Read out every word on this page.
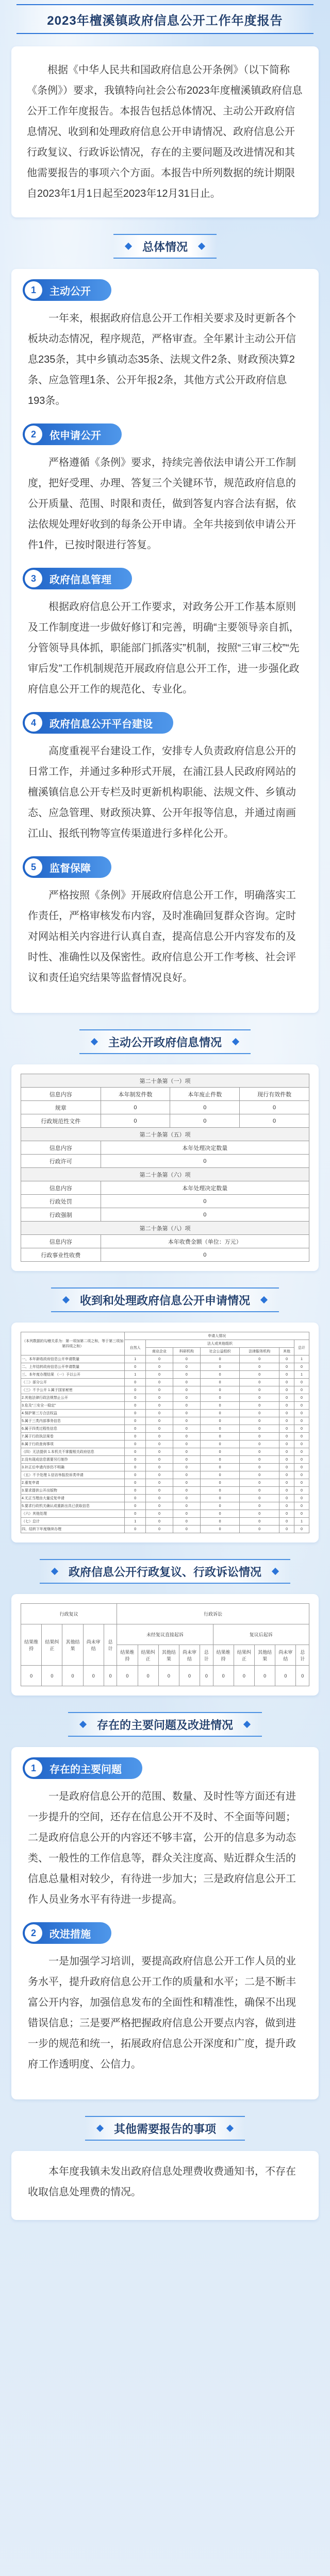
2023年檀溪镇政府信息公开工作年度报告
根据《中华人民共和国政府信息公开条例》（以下简称《条例》）要求，我镇特向社会公布2023年度檀溪镇政府信息公开工作年度报告。本报告包括总体情况、主动公开政府信息情况、收到和处理政府信息公开申请情况、政府信息公开行政复议、行政诉讼情况，存在的主要问题及改进情况和其他需要报告的事项六个方面。本报告中所列数据的统计期限自2023年1月1日起至2023年12月31日止。
总体情况
1	主动公开
一年来，根据政府信息公开工作相关要求及时更新各个板块动态情况，程序规范，严格审查。全年累计主动公开信息235条，其中乡镇动态35条、法规文件2条、财政预决算2条、应急管理1条、公开年报2条，其他方式公开政府信息193条。
2	依申请公开
严格遵循《条例》要求，持续完善依法申请公开工作制度，把好受理、办理、答复三个关键环节，规范政府信息的公开质量、范围、时限和责任，做到答复内容合法有据，依法依规处理好收到的每条公开申请。全年共接到依申请公开件1件，已按时限进行答复。
3	政府信息管理
根据政府信息公开工作要求，对政务公开工作基本原则及工作制度进一步做好修订和完善，明确“主要领导亲自抓，分管领导具体抓，职能部门抓落实”机制，按照“三审三校”“先审后发”工作机制规范开展政府信息公开工作，进一步强化政府信息公开工作的规范化、专业化。
4	政府信息公开平台建设
高度重视平台建设工作，安排专人负责政府信息公开的日常工作，并通过多种形式开展，在浦江县人民政府网站的檀溪镇信息公开专栏及时更新机构职能、法规文件、乡镇动态、应急管理、财政预决算、公开年报等信息，并通过南画江山、报纸刊物等宣传渠道进行多样化公开。
5	监督保障
严格按照《条例》开展政府信息公开工作，明确落实工作责任，严格审核发布内容，及时准确回复群众咨询。定时对网站相关内容进行认真自查，提高信息公开内容发布的及时性、准确性以及保密性。政府信息公开工作考核、社会评议和责任追究结果等监督情况良好。
主动公开政府信息情况
第二十条第（一）项			
信息内容	本年制发件数	本年废止件数	现行有效件数
规章	0	0	0
行政规范性文件	0	0	0
第二十条第（五）项			
信息内容	本年处理决定数量		
行政许可	0		
第二十条第（六）项			
信息内容	本年处理决定数量		
行政处罚	0		
行政强制	0		
第二十条第（八）项			
信息内容	本年收费金额（单位：万元）		
行政事业性收费	0		
收到和处理政府信息公开申请情况
（本列数据的勾稽关系为：第一项加第二项之和，等于第三项加第四项之和）	申请人情况						
	自然人	法人或其他组织					总计
		商业企业	科研机构	社会公益组织	法律服务机构	其他	
一、本年新收政府信息公开申请数量	1	0	0	0	0	0	1
二、上年结转政府信息公开申请数量	0	0	0	0	0	0	0
三、本年度办理结果 （一）予以公开	1	0	0	0	0	0	1
（二）部分公开	0	0	0	0	0	0	0
（三）不予公开 1.属于国家秘密	0	0	0	0	0	0	0
2.其他法律行政法规禁止公开	0	0	0	0	0	0	0
3.危及“三安全一稳定”	0	0	0	0	0	0	0
4.保护第三方合法权益	0	0	0	0	0	0	0
5.属于三类内部事务信息	0	0	0	0	0	0	0
6.属于四类过程性信息	0	0	0	0	0	0	0
7.属于行政执法案卷	0	0	0	0	0	0	0
8.属于行政查询事项	0	0	0	0	0	0	0
（四）无法提供 1.本机关不掌握相关政府信息	0	0	0	0	0	0	0
2.没有现成信息需要另行制作	0	0	0	0	0	0	0
3.补正后申请内容仍不明确	0	0	0	0	0	0	0
（五）不予处理 1.信访举报投诉类申请	0	0	0	0	0	0	0
2.重复申请	0	0	0	0	0	0	0
3.要求提供公开出版物	0	0	0	0	0	0	0
4.无正当理由大量反复申请	0	0	0	0	0	0	0
5.要求行政机关确认或重新出具已获取信息	0	0	0	0	0	0	0
（六）其他处理	0	0	0	0	0	0	0
（七）总计	1	0	0	0	0	0	1
四、结转下年度继续办理	0	0	0	0	0	0	0
政府信息公开行政复议、行政诉讼情况
行政复议					行政诉讼									
结果维持	结果纠正	其他结果	尚未审结	总计	未经复议直接起诉					复议后起诉				
					结果维持	结果纠正	其他结果	尚未审结	总计	结果维持	结果纠正	其他结果	尚未审结	总计
0	0	0	0	0	0	0	0	0	0	0	0	0	0	0
存在的主要问题及改进情况
1	存在的主要问题
一是政府信息公开的范围、数量、及时性等方面还有进一步提升的空间，还存在信息公开不及时、不全面等问题；二是政府信息公开的内容还不够丰富，公开的信息多为动态类、一般性的工作信息等，群众关注度高、贴近群众生活的信息总量相对较少，有待进一步加大；三是政府信息公开工作人员业务水平有待进一步提高。
2	改进措施
一是加强学习培训，要提高政府信息公开工作人员的业务水平，提升政府信息公开工作的质量和水平；二是不断丰富公开内容，加强信息发布的全面性和精准性，确保不出现错误信息；三是要严格把握政府信息公开要点内容，做到进一步的规范和统一，拓展政府信息公开深度和广度，提升政府工作透明度、公信力。
其他需要报告的事项
本年度我镇未发出政府信息处理费收费通知书，不存在收取信息处理费的情况。
